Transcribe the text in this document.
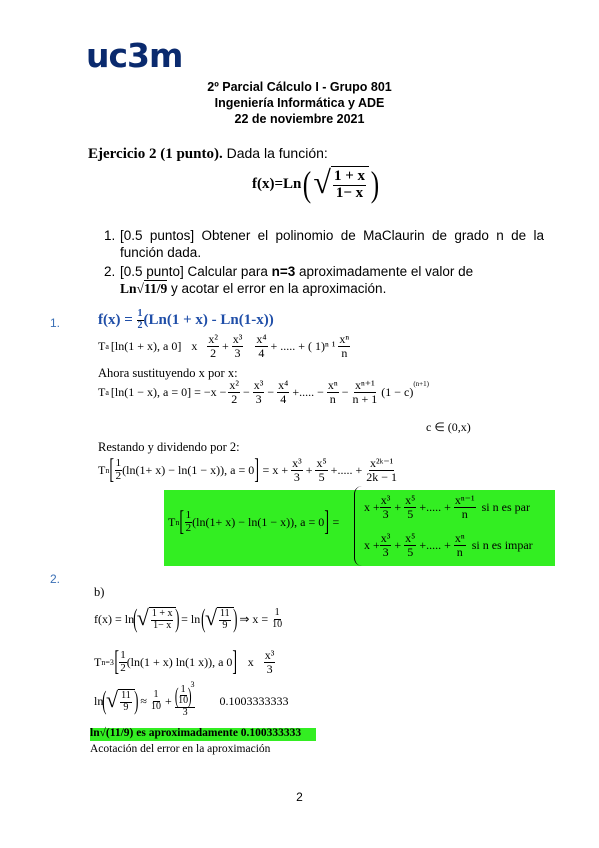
uc3m
2º Parcial Cálculo I - Grupo 801
Ingeniería Informática y ADE
22 de noviembre 2021
Ejercicio 2 (1 punto). Dada la función:
f(x)=Ln ( √ $\frac{1 + x}{1- x}$ )
1. [0.5 puntos] Obtener el polinomio de MaClaurin de grado n de la función dada.
2. [0.5 punto] Calcular para n=3 aproximadamente el valor de
Ln√11/9 y acotar el error en la aproximación.
1.	f(x) =
$\frac{1}{2} (Ln(1 + x) - Ln(1-x))$
T a [ln(1 + x), a 0] x $\frac{\text{x²}}{2} + \frac{\text{x³}}{3} \frac{\text{x⁴}}{4}$ + ..... + ( 1)ⁿ $^1 \frac{\text{xⁿ}}{n}$
Ahora sustituyendo x por x:
T a [ln(1 − x), $a = 0] = -x - \frac{\text{x²}}{2} - \frac{\text{x³}}{3} - \frac{\text{x⁴}}{4}$ +..... − $\frac{\text{xⁿ}}{n} - \frac{\text{xⁿ⁺¹}}{n + 1} (1 - c)$
(n+1)
c ∈ (0,x)
Restando y dividendo por 2:
T n [ $\frac{1}{2} (\ln(1+ x) - \ln(1 - x))$, a = 0 ] = $x + \frac{\text{x³}}{3} + \frac{\text{x⁵}}{5}$ +..... + $\frac{\text{x²ᵏ⁻¹}}{2k - 1}$
T n [ $\frac{1}{2} (\ln(1+ x) - \ln(1 - x))$, a = 0 ] =
$x + \frac{\text{x³}}{3} + \frac{\text{x⁵}}{5}$ +..... + $\frac{\text{xⁿ⁻¹}}{n}$ si n es par
$x + \frac{\text{x³}}{3} + \frac{\text{x⁵}}{5}$ +..... + $\frac{\text{xⁿ}}{n}$ si n es impar
2.
b)
f(x) = ln ( √ $\frac{1 + x}{1- x}$ ) = ln ( √ $\frac{11}{9}$ ) ⇒ $x = \frac{1}{10}$
T n=3 [ $\frac{1}{2} (\ln(1 + x)$ ln(1 x)), a 0 ] x $\frac{\text{x³}}{3}$
ln ( √ $\frac{11}{9}$ ) ≈ $\frac{1}{10}$ + (
$\frac{1}{10}$
)
3
3 0.1003333333
ln√(11/9) es aproximadamente 0.100333333
Acotación del error en la aproximación
2
